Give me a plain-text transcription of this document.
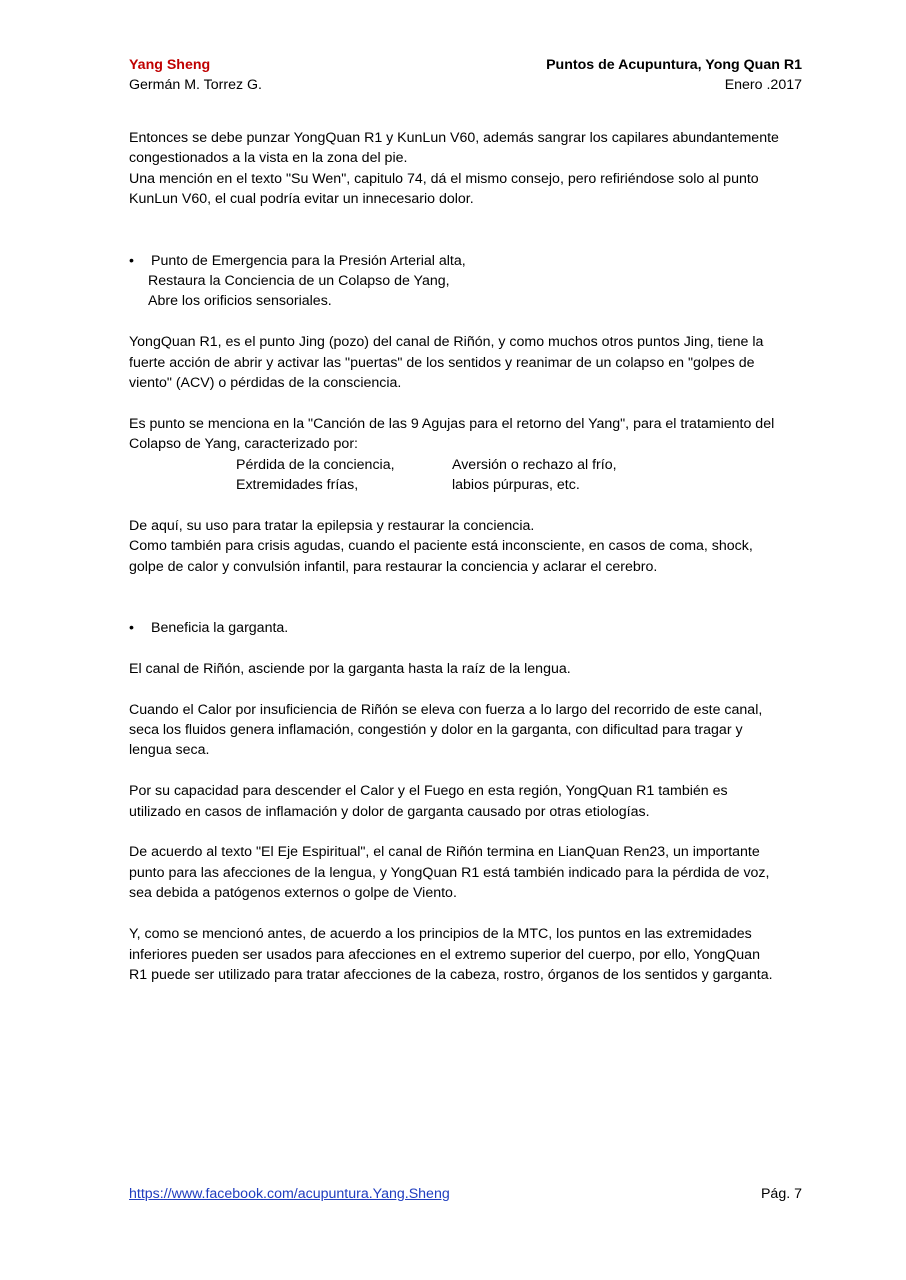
Yang Sheng
Germán M. Torrez G.
Puntos de Acupuntura, Yong Quan R1
Enero .2017

Entonces se debe punzar YongQuan R1 y KunLun V60, además sangrar los capilares abundantemente congestionados a la vista en la zona del pie.

Una mención en el texto "Su Wen", capitulo 74, dá el mismo consejo, pero refiriéndose solo al punto KunLun V60, el cual podría evitar un innecesario dolor.

•	Punto de Emergencia para la Presión Arterial alta,

Restaura la Conciencia de un Colapso de Yang,

Abre los orificios sensoriales.

YongQuan R1, es el punto Jing (pozo) del canal de Riñón, y como muchos otros puntos Jing, tiene la fuerte acción de abrir y activar las "puertas" de los sentidos y reanimar de un colapso en "golpes de viento" (ACV) o pérdidas de la consciencia.

Es punto se menciona en la "Canción de las 9 Agujas para el retorno del Yang", para el tratamiento del Colapso de Yang, caracterizado por:

Pérdida de la conciencia,	Aversión o rechazo al frío,
Extremidades frías,	labios púrpuras, etc.

De aquí, su uso para tratar la epilepsia y restaurar la conciencia.

Como también para crisis agudas, cuando el paciente está inconsciente, en casos de coma, shock, golpe de calor y convulsión infantil, para restaurar la conciencia y aclarar el cerebro.

•	Beneficia la garganta.

El canal de Riñón, asciende por la garganta hasta la raíz de la lengua.

Cuando el Calor por insuficiencia de Riñón se eleva con fuerza a lo largo del recorrido de este canal, seca los fluidos genera inflamación, congestión y dolor en la garganta, con dificultad para tragar y lengua seca.

Por su capacidad para descender el Calor y el Fuego en esta región, YongQuan R1 también es utilizado en casos de inflamación y dolor de garganta causado por otras etiologías.

De acuerdo al texto "El Eje Espiritual", el canal de Riñón termina en LianQuan Ren23, un importante punto para las afecciones de la lengua, y YongQuan R1 está también indicado para la pérdida de voz, sea debida a patógenos externos o golpe de Viento.

Y, como se mencionó antes, de acuerdo a los principios de la MTC, los puntos en las extremidades inferiores pueden ser usados para afecciones en el extremo superior del cuerpo, por ello, YongQuan R1 puede ser utilizado para tratar afecciones de la cabeza, rostro, órganos de los sentidos y garganta.

https://www.facebook.com/acupuntura.Yang.Sheng	Pág. 7
